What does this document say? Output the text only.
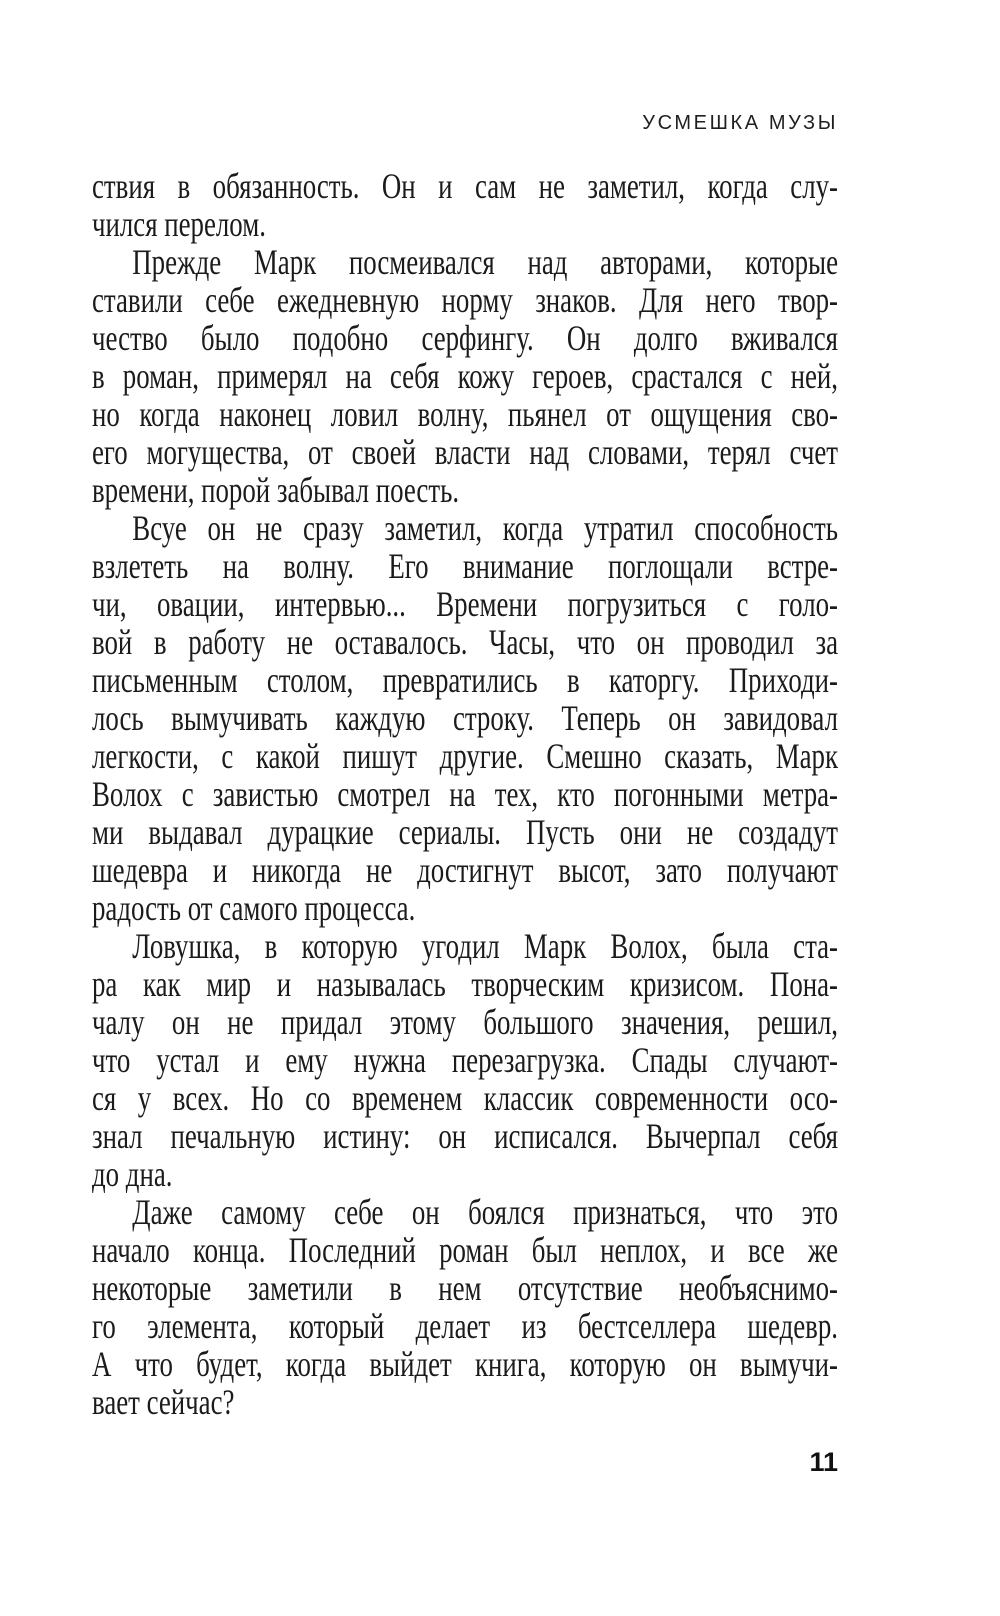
УСМЕШКА МУЗЫ
ствия в обязанность. Он и сам не заметил, когда слу-
чился перелом.
Прежде Марк посмеивался над авторами, которые
ставили себе ежедневную норму знаков. Для него твор-
чество было подобно серфингу. Он долго вживался
в роман, примерял на себя кожу героев, срастался с ней,
но когда наконец ловил волну, пьянел от ощущения сво-
его могущества, от своей власти над словами, терял счет
времени, порой забывал поесть.
Всуе он не сразу заметил, когда утратил способность
взлететь на волну. Его внимание поглощали встре-
чи, овации, интервью... Времени погрузиться с голо-
вой в работу не оставалось. Часы, что он проводил за
письменным столом, превратились в каторгу. Приходи-
лось вымучивать каждую строку. Теперь он завидовал
легкости, с какой пишут другие. Смешно сказать, Марк
Волох с завистью смотрел на тех, кто погонными метра-
ми выдавал дурацкие сериалы. Пусть они не создадут
шедевра и никогда не достигнут высот, зато получают
радость от самого процесса.
Ловушка, в которую угодил Марк Волох, была ста-
ра как мир и называлась творческим кризисом. Пона-
чалу он не придал этому большого значения, решил,
что устал и ему нужна перезагрузка. Спады случают-
ся у всех. Но со временем классик современности осо-
знал печальную истину: он исписался. Вычерпал себя
до дна.
Даже самому себе он боялся признаться, что это
начало конца. Последний роман был неплох, и все же
некоторые заметили в нем отсутствие необъяснимо-
го элемента, который делает из бестселлера шедевр.
А что будет, когда выйдет книга, которую он вымучи-
вает сейчас?
11
